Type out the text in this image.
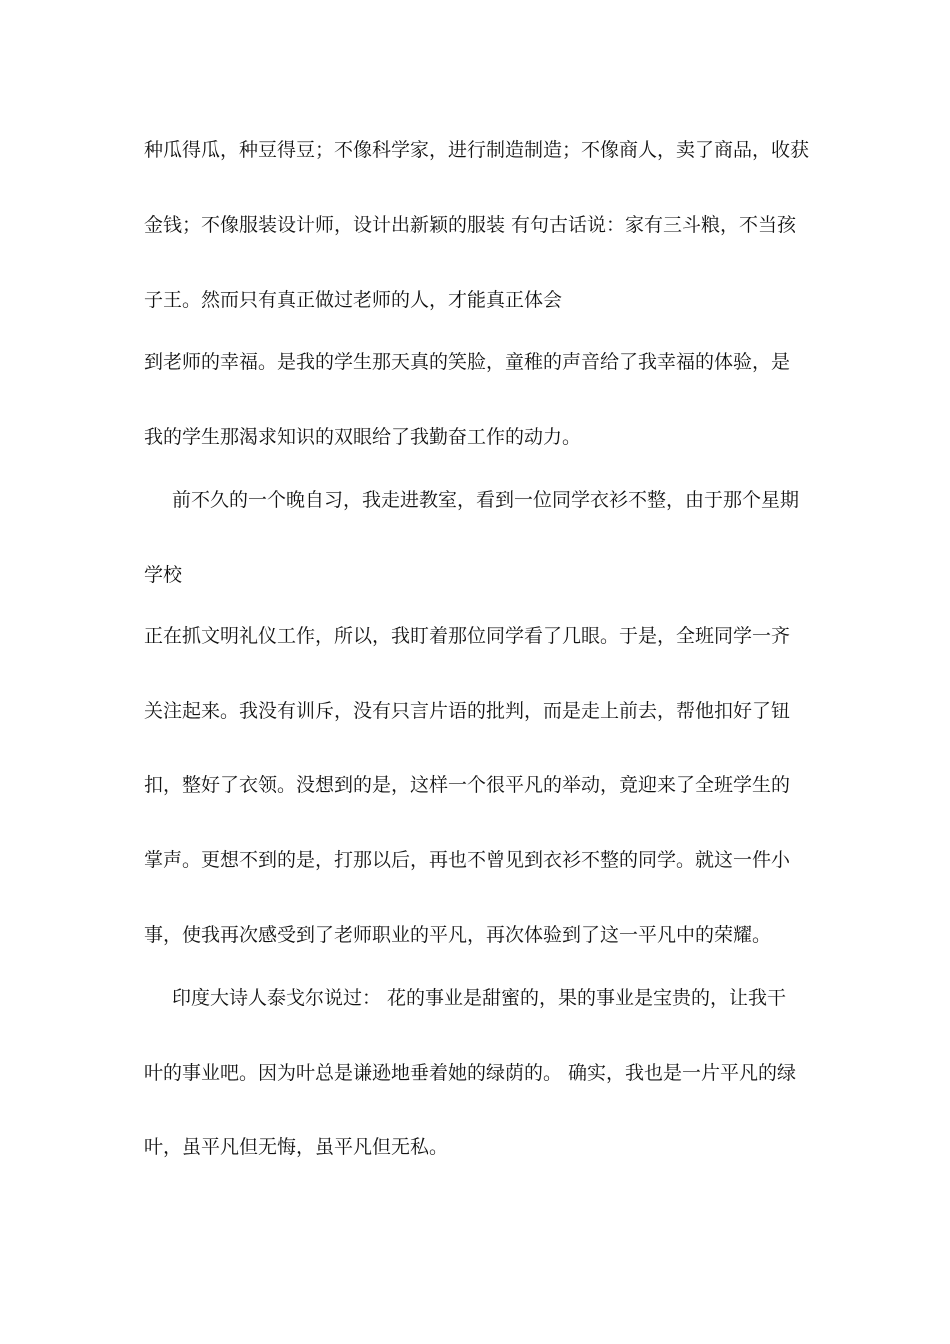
种瓜得瓜，种豆得豆；不像科学家，进行制造制造；不像商人，卖了商品，收获
金钱；不像服装设计师，设计出新颖的服装 有句古话说：家有三斗粮，不当孩
子王。然而只有真正做过老师的人，才能真正体会
到老师的幸福。是我的学生那天真的笑脸，童稚的声音给了我幸福的体验，是
我的学生那渴求知识的双眼给了我勤奋工作的动力。
前不久的一个晚自习，我走进教室，看到一位同学衣衫不整，由于那个星期
学校
正在抓文明礼仪工作，所以，我盯着那位同学看了几眼。于是，全班同学一齐
关注起来。我没有训斥，没有只言片语的批判，而是走上前去，帮他扣好了钮
扣，整好了衣领。没想到的是，这样一个很平凡的举动，竟迎来了全班学生的
掌声。更想不到的是，打那以后，再也不曾见到衣衫不整的同学。就这一件小
事，使我再次感受到了老师职业的平凡，再次体验到了这一平凡中的荣耀。
印度大诗人泰戈尔说过： 花的事业是甜蜜的，果的事业是宝贵的，让我干
叶的事业吧。因为叶总是谦逊地垂着她的绿荫的。 确实，我也是一片平凡的绿
叶，虽平凡但无悔，虽平凡但无私。
